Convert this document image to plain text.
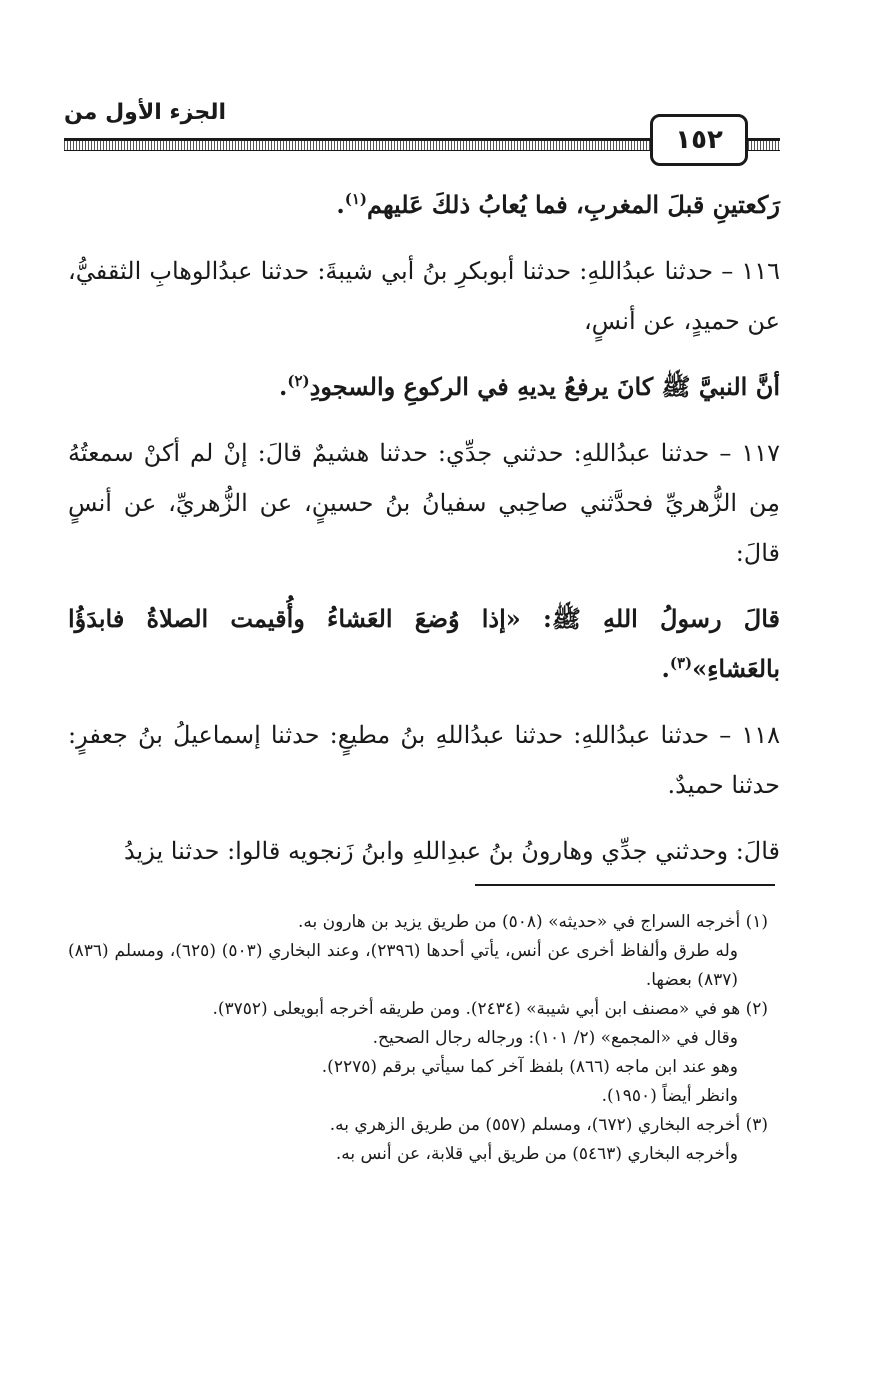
١٥٢
الجزء الأول من

رَكعتينِ قبلَ المغربِ، فما يُعابُ ذلكَ عَليهم$^{(١)}$.

١١٦ – حدثنا عبدُاللهِ: حدثنا أبوبكرِ بنُ أبي شيبةَ: حدثنا عبدُالوهابِ الثقفيُّ، عن حميدٍ، عن أنسٍ،

أنَّ النبيَّ ﷺ كانَ يرفعُ يديهِ في الركوعِ والسجودِ$^{(٢)}$.

١١٧ – حدثنا عبدُاللهِ: حدثني جدِّي: حدثنا هشيمٌ قالَ: إنْ لم أكنْ سمعتُهُ مِن الزُّهريِّ فحدَّثني صاحِبي سفيانُ بنُ حسينٍ، عن الزُّهريِّ، عن أنسٍ قالَ:

قالَ رسولُ اللهِ ﷺ: «إذا وُضعَ العَشاءُ وأُقيمت الصلاةُ فابدَؤُا بالعَشاءِ»$^{(٣)}$.

١١٨ – حدثنا عبدُاللهِ: حدثنا عبدُاللهِ بنُ مطيعٍ: حدثنا إسماعيلُ بنُ جعفرٍ: حدثنا حميدٌ.

قالَ: وحدثني جدِّي وهارونُ بنُ عبدِاللهِ وابنُ زَنجويه قالوا: حدثنا يزيدُ

(١) أخرجه السراج في «حديثه» (٥٠٨) من طريق يزيد بن هارون به.

وله طرق وألفاظ أخرى عن أنس، يأتي أحدها (٢٣٩٦)، وعند البخاري (٥٠٣) (٦٢٥)، ومسلم (٨٣٦) (٨٣٧) بعضها.

(٢) هو في «مصنف ابن أبي شيبة» (٢٤٣٤). ومن طريقه أخرجه أبويعلى (٣٧٥٢).

وقال في «المجمع» (٢/ ١٠١): ورجاله رجال الصحيح.

وهو عند ابن ماجه (٨٦٦) بلفظ آخر كما سيأتي برقم (٢٢٧٥).

وانظر أيضاً (١٩٥٠).

(٣) أخرجه البخاري (٦٧٢)، ومسلم (٥٥٧) من طريق الزهري به.

وأخرجه البخاري (٥٤٦٣) من طريق أبي قلابة، عن أنس به.
